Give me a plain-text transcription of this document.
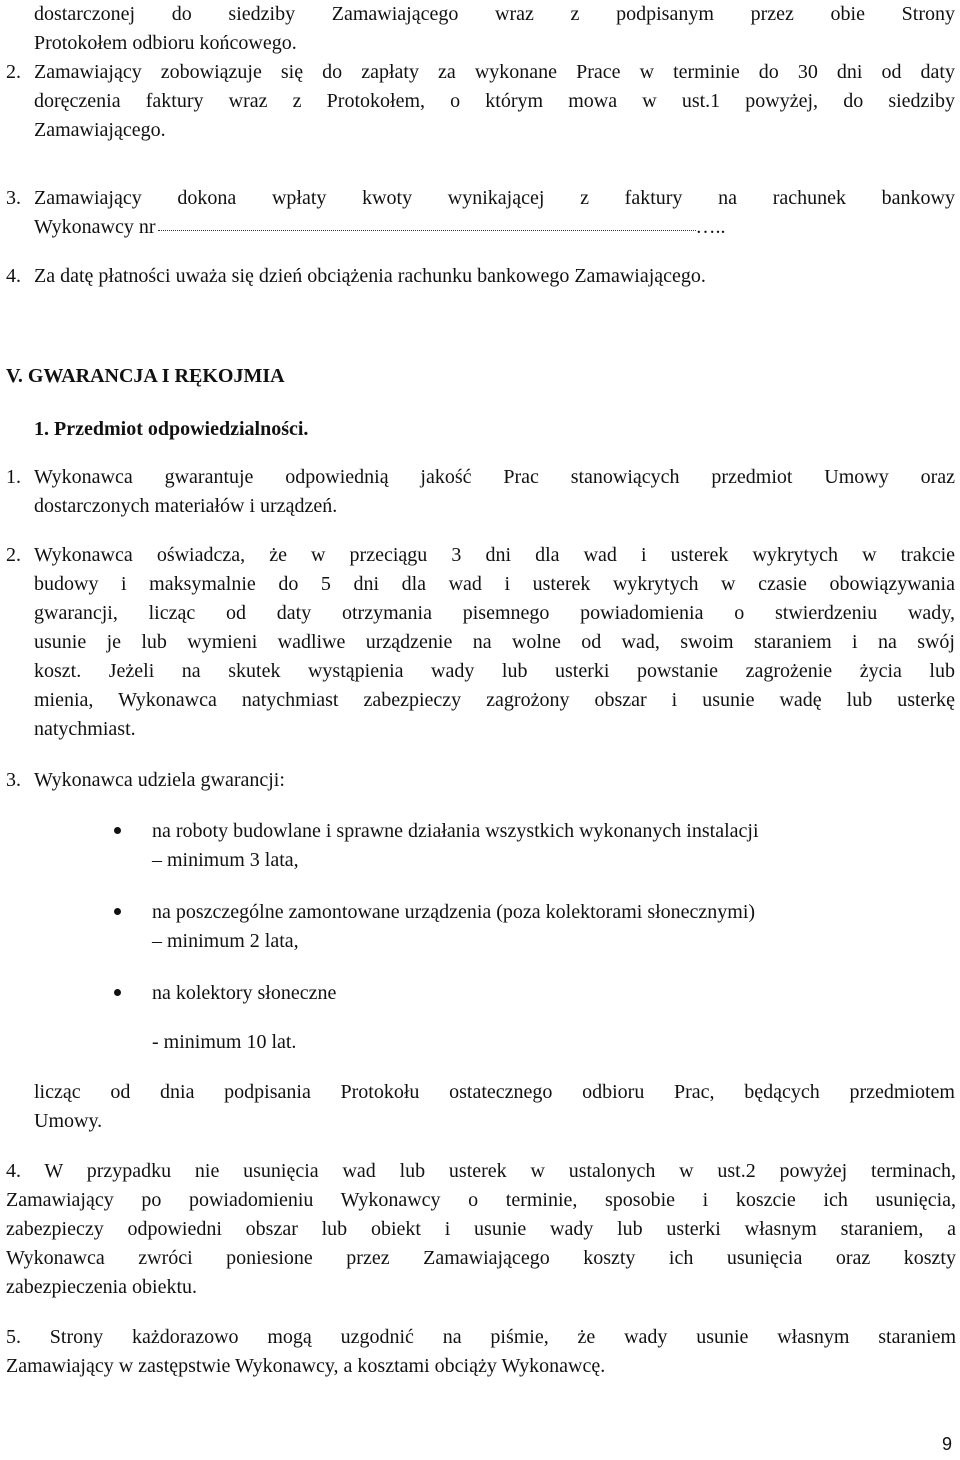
dostarczonej do siedziby Zamawiającego wraz z podpisanym przez obie Strony

Protokołem odbioru końcowego.

2. Zamawiający zobowiązuje się do zapłaty za wykonane Prace w terminie do 30 dni od daty

doręczenia faktury wraz z Protokołem, o którym mowa w ust.1 powyżej, do siedziby

Zamawiającego.

3. Zamawiający dokona wpłaty kwoty wynikającej z faktury na rachunek bankowy

Wykonawcy nr	…..

4. Za datę płatności uważa się dzień obciążenia rachunku bankowego Zamawiającego.

V. GWARANCJA I RĘKOJMIA

1. Przedmiot odpowiedzialności.

1. Wykonawca gwarantuje odpowiednią jakość Prac stanowiących przedmiot Umowy oraz

dostarczonych materiałów i urządzeń.

2. Wykonawca oświadcza, że w przeciągu 3 dni dla wad i usterek wykrytych w trakcie

budowy i maksymalnie do 5 dni dla wad i usterek wykrytych w czasie obowiązywania

gwarancji, licząc od daty otrzymania pisemnego powiadomienia o stwierdzeniu wady,

usunie je lub wymieni wadliwe urządzenie na wolne od wad, swoim staraniem i na swój

koszt. Jeżeli na skutek wystąpienia wady lub usterki powstanie zagrożenie życia lub

mienia, Wykonawca natychmiast zabezpieczy zagrożony obszar i usunie wadę lub usterkę

natychmiast.

3. Wykonawca udziela gwarancji:

na roboty budowlane i sprawne działania wszystkich wykonanych instalacji

– minimum 3 lata,

na poszczególne zamontowane urządzenia (poza kolektorami słonecznymi)

– minimum 2 lata,

na kolektory słoneczne

- minimum 10 lat.

licząc od dnia podpisania Protokołu ostatecznego odbioru Prac, będących przedmiotem

Umowy.

4. W przypadku nie usunięcia wad lub usterek w ustalonych w ust.2 powyżej terminach,

Zamawiający po powiadomieniu Wykonawcy o terminie, sposobie i koszcie ich usunięcia,

zabezpieczy odpowiedni obszar lub obiekt i usunie wady lub usterki własnym staraniem, a

Wykonawca zwróci poniesione przez Zamawiającego koszty ich usunięcia oraz koszty

zabezpieczenia obiektu.

5. Strony każdorazowo mogą uzgodnić na piśmie, że wady usunie własnym staraniem

Zamawiający w zastępstwie Wykonawcy, a kosztami obciąży Wykonawcę.

9
